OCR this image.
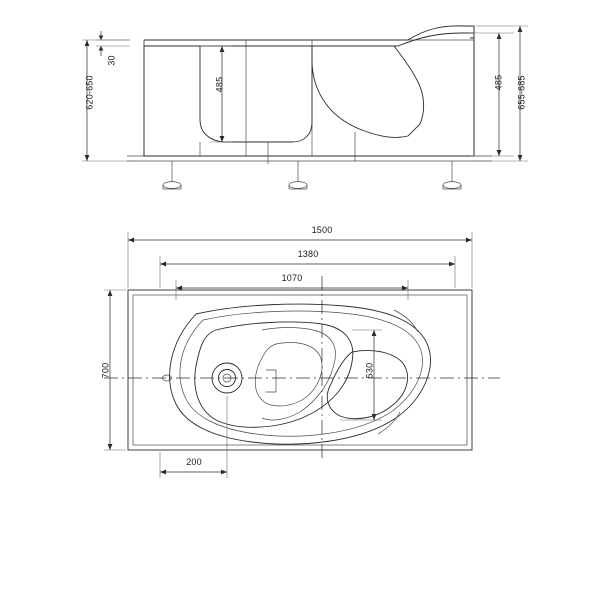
30
620-650	485	485 655-685
1500
1380
1070
700	530
200
